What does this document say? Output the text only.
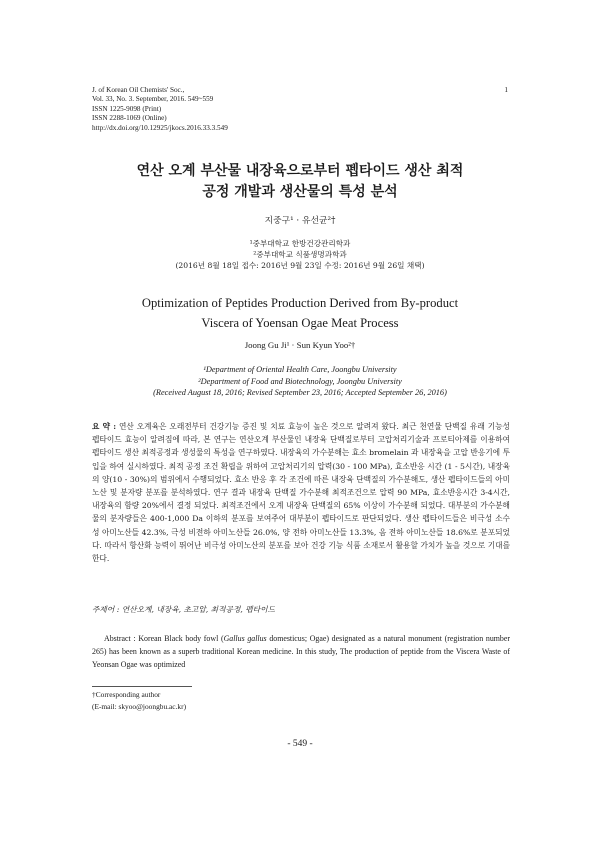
J. of Korean Oil Chemists' Soc.,
Vol. 33, No. 3. September, 2016. 549~559
ISSN 1225-9098 (Print)
ISSN 2288-1069 (Online)
http://dx.doi.org/10.12925/jkocs.2016.33.3.549
1
연산 오계 부산물 내장육으로부터 펩타이드 생산 최적
공정 개발과 생산물의 특성 분석
지중구¹ · 유선균²†
¹중부대학교 한방건강관리학과
²중부대학교 식품생명과학과
(2016년 8월 18일 접수: 2016년 9월 23일 수정: 2016년 9월 26일 채택)
Optimization of Peptides Production Derived from By-product
Viscera of Yoensan Ogae Meat Process
Joong Gu Ji¹ · Sun Kyun Yoo²†
¹Department of Oriental Health Care, Joongbu University
²Department of Food and Biotechnology, Joongbu University
(Received August 18, 2016; Revised September 23, 2016; Accepted September 26, 2016)
요 약 : 연산 오계육은 오래전부터 건강기능 증진 및 치료 효능이 높은 것으로 알려져 왔다. 최근 천연물 단백질 유래 기능성 펩타이드 효능이 알려짐에 따라, 본 연구는 연산오계 부산물인 내장육 단백질로부터 고압처리기술과 프로티아제를 이용하여 펩타이드 생산 최적공정과 생성물의 특성을 연구하였다. 내장육의 가수분해는 효소 bromelain 과 내장육을 고압 반응기에 투입을 하여 실시하였다. 최적 공정 조건 확립을 위하여 고압처리기의 압력(30 - 100 MPa), 효소반응 시간 (1 - 5시간), 내장육의 양(10 - 30%)의 범위에서 수행되었다. 효소 반응 후 각 조건에 따른 내장육 단백질의 가수분해도, 생산 펩타이드들의 아미노산 및 분자량 분포를 분석하였다. 연구 결과 내장육 단백질 가수분해 최적조건으로 압력 90 MPa, 효소반응시간 3-4시간, 내장육의 함량 20%에서 결정 되었다. 최적조건에서 오계 내장육 단백질의 65% 이상이 가수분해 되었다. 대부분의 가수분해물의 분자량들은 400-1,000 Da 이하의 분포를 보여주어 대부분이 펩타이드로 판단되었다. 생산 펩타이드들은 비극성 소수성 아미노산들 42.3%, 극성 비전하 아미노산들 26.0%, 양 전하 아미노산들 13.3%, 음 전하 아미노산들 18.6%로 분포되었다. 따라서 항산화 능력이 뛰어난 비극성 아미노산의 분포를 보아 건강 기능 식품 소재로서 활용할 가치가 높을 것으로 기대를 한다.
주제어 : 연산오계, 내장육, 초고압, 최적공정, 펩타이드
Abstract : Korean Black body fowl (Gallus gallus domesticus; Ogae) designated as a natural monument (registration number 265) has been known as a superb traditional Korean medicine. In this study, The production of peptide from the Viscera Waste of Yeonsan Ogae was optimized
†Corresponding author
(E-mail: skyoo@joongbu.ac.kr)
- 549 -
